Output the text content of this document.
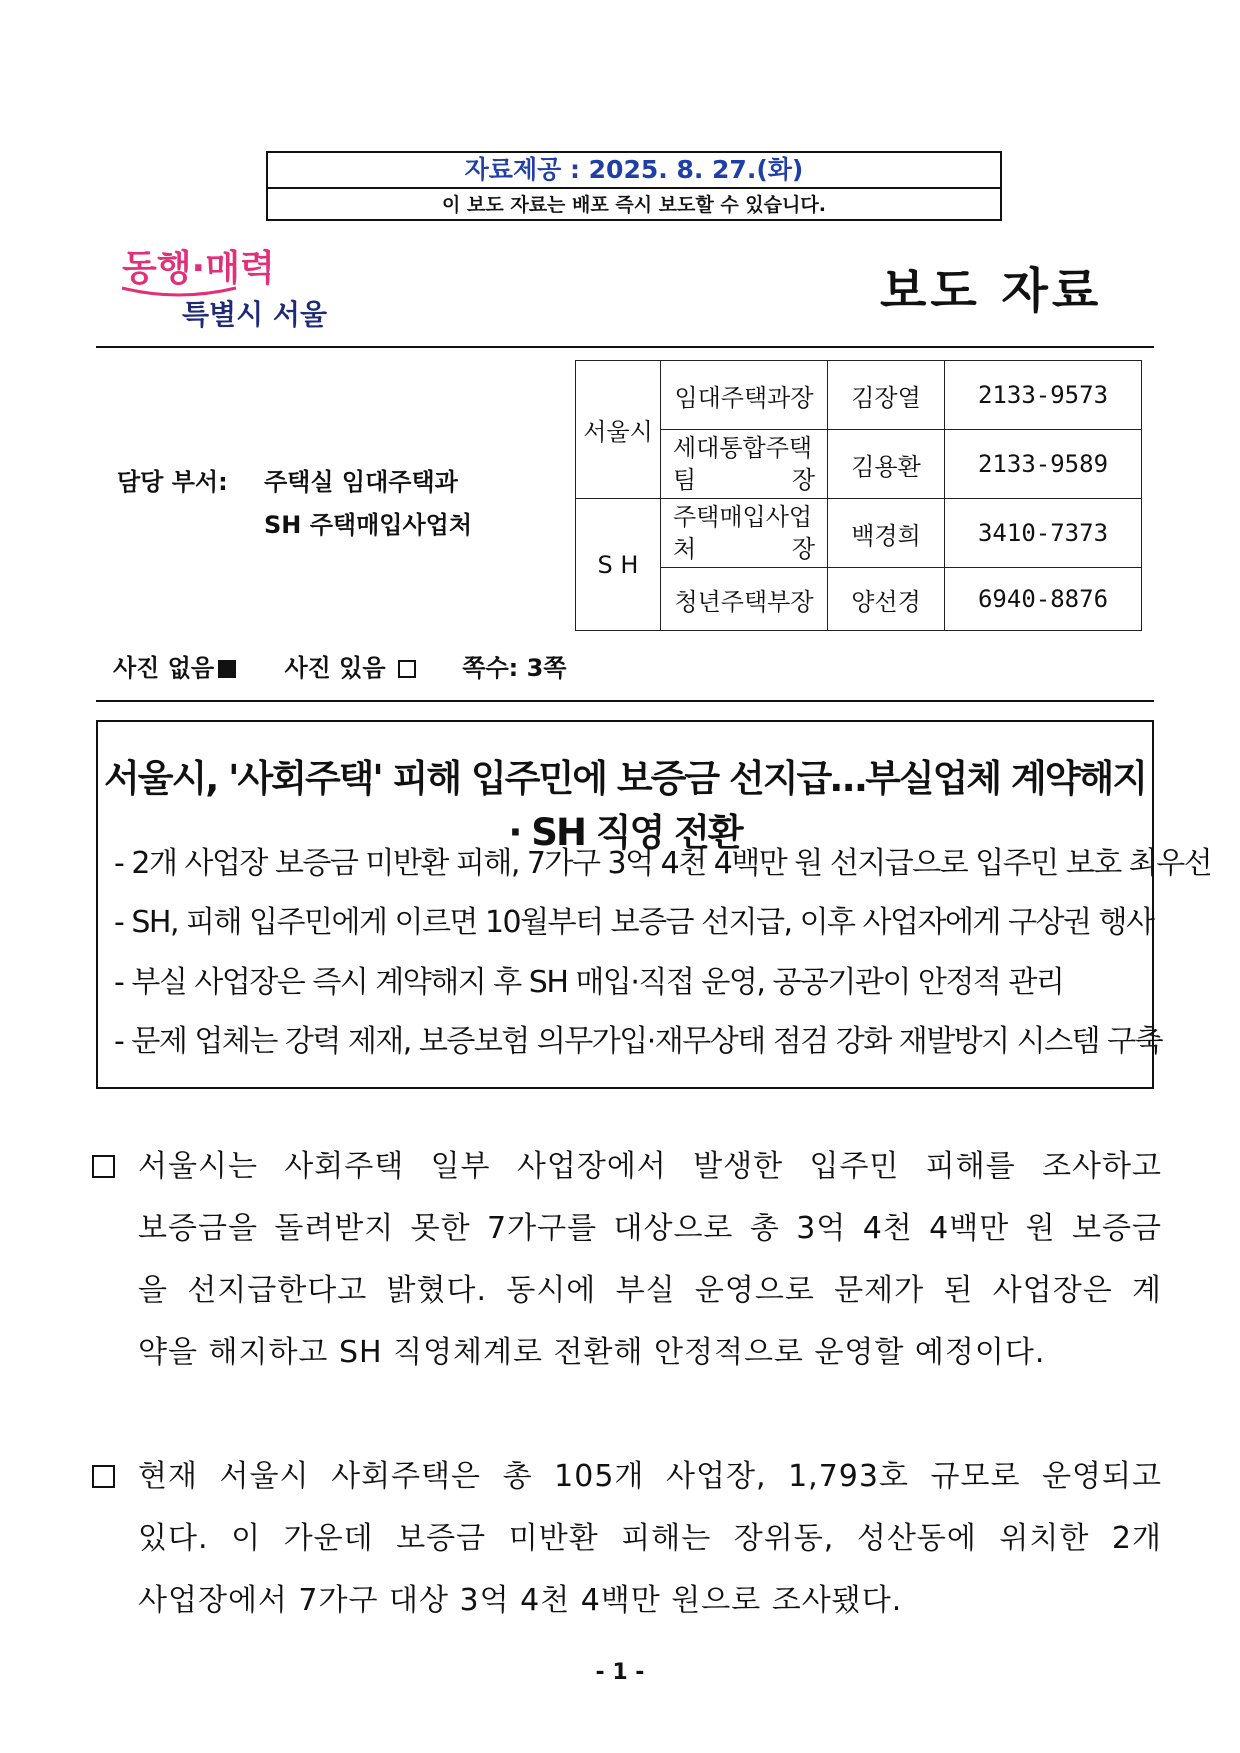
자료제공 : 2025. 8. 27.(화)
이 보도 자료는 배포 즉시 보도할 수 있습니다.
동행·매력
특별시 서울	보도 자료
담당 부서: 주택실 임대주택과
SH 주택매입사업처
서울시	임대주택과장	김장열	2133-9573

	세대통합주택
팀 장	김용환	2133-9589
S H	주택매입사업
처 장	백경희	3410-7373
	청년주택부장	양선경	6940-8876
사진 없음	사진 있음	쪽수: 3쪽
서울시, '사회주택' 피해 입주민에 보증금 선지급…부실업체 계약해지 · SH 직영 전환
- 2개 사업장 보증금 미반환 피해, 7가구 3억 4천 4백만 원 선지급으로 입주민 보호 최우선
- SH, 피해 입주민에게 이르면 10월부터 보증금 선지급, 이후 사업자에게 구상권 행사
- 부실 사업장은 즉시 계약해지 후 SH 매입·직접 운영, 공공기관이 안정적 관리
- 문제 업체는 강력 제재, 보증보험 의무가입·재무상태 점검 강화 재발방지 시스템 구축
서울시는 사회주택 일부 사업장에서 발생한 입주민 피해를 조사하고
보증금을 돌려받지 못한 7가구를 대상으로 총 3억 4천 4백만 원 보증금
을 선지급한다고 밝혔다. 동시에 부실 운영으로 문제가 된 사업장은 계
약을 해지하고 SH 직영체계로 전환해 안정적으로 운영할 예정이다.
현재 서울시 사회주택은 총 105개 사업장, 1,793호 규모로 운영되고
있다. 이 가운데 보증금 미반환 피해는 장위동, 성산동에 위치한 2개
사업장에서 7가구 대상 3억 4천 4백만 원으로 조사됐다.
- 1 -
